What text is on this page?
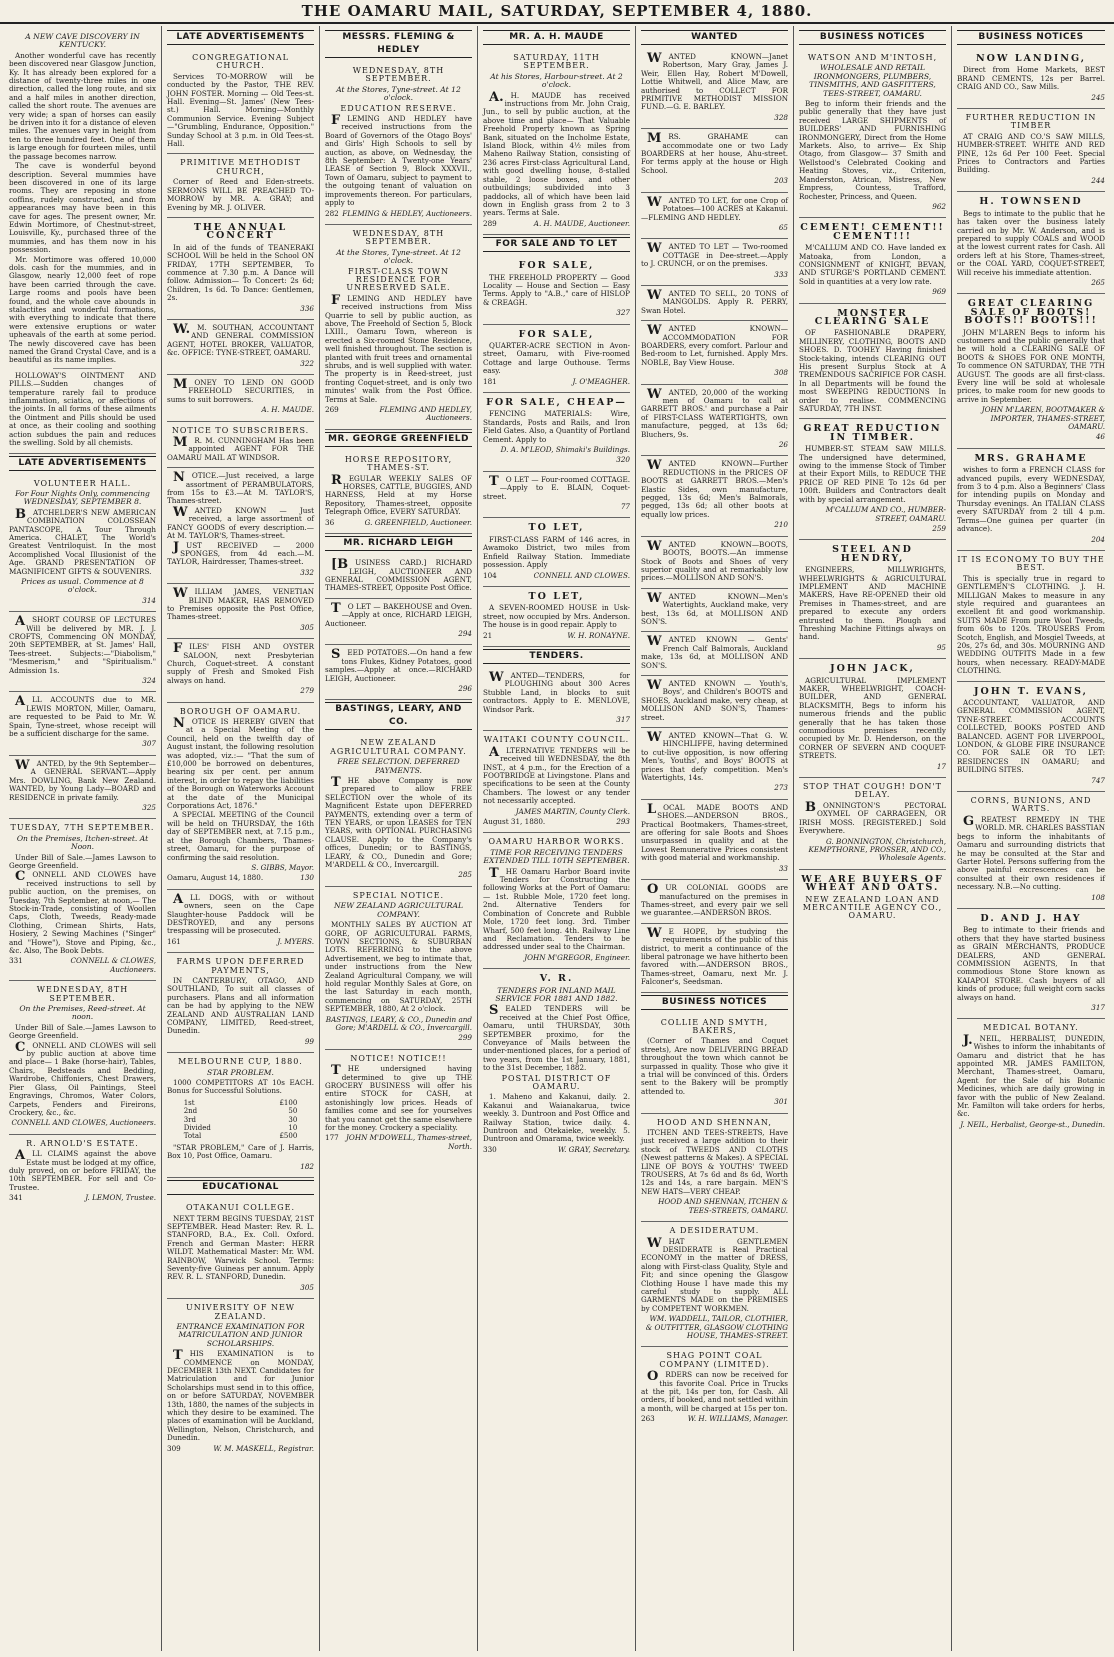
THE OAMARU MAIL, SATURDAY, SEPTEMBER 4, 1880.
A NEW CAVE DISCOVERY IN KENTUCKY.

Another wonderful cave has recently been discovered near Glasgow Junction, Ky. It has already been explored for a distance of twenty-three miles in one direction, called the long route, and six and a half miles in another direction, called the short route. The avenues are very wide; a span of horses can easily be driven into it for a distance of eleven miles. The avenues vary in height from ten to three hundred feet. One of them is large enough for fourteen miles, until the passage becomes narrow.

The cave is wonderful beyond description. Several mummies have been discovered in one of its large rooms. They are reposing in stone coffins, rudely constructed, and from appearances may have been in this cave for ages. The present owner, Mr. Edwin Mortimore, of Chestnut-street, Louisville, Ky., purchased three of the mummies, and has them now in his possession.

Mr. Mortimore was offered 10,000 dols. cash for the mummies, and in Glasgow, nearly 12,000 feet of rope have been carried through the cave. Large rooms and pools have been found, and the whole cave abounds in stalactites and wonderful formations, with everything to indicate that there were extensive eruptions or water upheavals of the earth at some period. The newly discovered cave has been named the Grand Crystal Cave, and is a beautiful as its name implies.

HOLLOWAY'S OINTMENT AND PILLS.—Sudden changes of temperature rarely fail to produce inflammation, sciatica, or affections of the joints. In all forms of these ailments the Ointment and Pills should be used at once, as their cooling and soothing action subdues the pain and reduces the swelling. Sold by all chemists.

LATE ADVERTISEMENTS
VOLUNTEER HALL.
For Four Nights Only, commencing WEDNESDAY, SEPTEMBER 8.

BATCHELDER'S NEW AMERICAN COMBINATION COLOSSEAN PANTASCOPE, A Tour Through America. CHALET, The World's Greatest Ventriloquist. In the most Accomplished Vocal Illusionist of the Age. GRAND PRESENTATION OF MAGNIFICENT GIFTS & SOUVENIRS.

Prices as usual. Commence at 8 o'clock.
314

ASHORT COURSE OF LECTURES Will be delivered by MR. J. J. CROFTS, Commencing ON MONDAY, 20th SEPTEMBER, at St. James' Hall, Tees-street. Subjects:—"Diabolism," "Mesmerism," and "Spiritualism." Admission 1s.

324

ALL ACCOUNTS due to MR. LEWIS MORTON, Miller, Oamaru, are requested to be Paid to Mr. W. Spain, Tyne-street, whose receipt will be a sufficient discharge for the same.

307

WANTED, by the 9th September—A GENERAL SERVANT.—Apply Mrs. DOWLING, Bank New Zealand. WANTED, by Young Lady—BOARD and RESIDENCE in private family.

325
TUESDAY, 7TH SEPTEMBER.
On the Premises, Itchen-street. At Noon.

Under Bill of Sale.—James Lawson to George Greenfield.

CONNELL AND CLOWES have received instructions to sell by public auction, on the premises, on Tuesday, 7th September, at noon,— The Stock-in-Trade, consisting of Woollen Caps, Cloth, Tweeds, Ready-made Clothing, Crimean Shirts, Hats, Hosiery, 2 Sewing Machines ("Singer" and "Howe"), Stove and Piping, &c., &c. Also, The Book Debts.

331	CONNELL & CLOWES, Auctioneers.
WEDNESDAY, 8TH SEPTEMBER.
On the Premises, Reed-street. At noon.

Under Bill of Sale.—James Lawson to George Greenfield.

CONNELL AND CLOWES will sell by public auction at above time and place— 1 Bake (horse-hair), Tables, Chairs, Bedsteads and Bedding, Wardrobe, Chiffoniers, Chest Drawers, Pier Glass, Oil Paintings, Steel Engravings, Chromos, Water Colors, Carpets, Fenders and Fireirons, Crockery, &c., &c.

CONNELL AND CLOWES, Auctioneers.
R. ARNOLD'S ESTATE.

ALL CLAIMS against the above Estate must be lodged at my office, duly proved, on or before FRIDAY, the 10th SEPTEMBER. For sell and Co-Trustee.

341	J. LEMON, Trustee.
LATE ADVERTISEMENTS
CONGREGATIONAL CHURCH.

Services TO-MORROW will be conducted by the Pastor, THE REV. JOHN FOSTER. Morning — Old Tees-st. Hall. Evening—St. James' (New Tees-st.) Hall. Morning—Monthly Communion Service. Evening Subject—"Grumbling, Endurance, Opposition." Sunday School at 3 p.m. in Old Tees-st. Hall.

PRIMITIVE METHODIST CHURCH,

Corner of Reed and Eden-streets. SERMONS WILL BE PREACHED TO-MORROW by MR. A. GRAY; and Evening by MR. J. OLIVER.

THE ANNUAL CONCERT

In aid of the funds of TEANERAKI SCHOOL Will be held in the School ON FRIDAY, 17TH SEPTEMBER, To commence at 7.30 p.m. A Dance will follow. Admission— To Concert: 2s 6d; Children, 1s 6d. To Dance: Gentlemen, 2s.

336

W.M. SOUTHAN, ACCOUNTANT AND GENERAL COMMISSION AGENT, HOTEL BROKER, VALUATOR, &c. OFFICE: TYNE-STREET, OAMARU.

322

MONEY TO LEND ON GOOD FREEHOLD SECURITIES, in sums to suit borrowers.

A. H. MAUDE.
NOTICE TO SUBSCRIBERS.

MR. M. CUNNINGHAM Has been appointed AGENT FOR THE OAMARU MAIL AT WINDSOR.

NOTICE.—Just received, a large assortment of PERAMBULATORS, from 15s to £3.—At M. TAYLOR'S, Thames-street.

WANTED KNOWN — Just received, a large assortment of FANCY GOODS of every description.—At M. TAYLOR'S, Thames-street.

JUST RECEIVED — 2000 SPONGES, from 4d each.—M. TAYLOR, Hairdresser, Thames-street.

332

WILLIAM JAMES, VENETIAN BLIND MAKER, HAS REMOVED to Premises opposite the Post Office, Thames-street.

305

FILES' FISH AND OYSTER SALOON, next Presbyterian Church, Coquet-street. A constant supply of Fresh and Smoked Fish always on hand.

279
BOROUGH OF OAMARU.

NOTICE IS HEREBY GIVEN that at a Special Meeting of the Council, held on the twelfth day of August instant, the following resolution was adopted, viz.:— "That the sum of £10,000 be borrowed on debentures, bearing six per cent. per annum interest, in order to repay the liabilities of the Borough on Waterworks Account at the date of the Municipal Corporations Act, 1876."

A SPECIAL MEETING of the Council will be held on THURSDAY, the 16th day of SEPTEMBER next, at 7.15 p.m., at the Borough Chambers, Thames-street, Oamaru, for the purpose of confirming the said resolution.

S. GIBBS, Mayor.
Oamaru, August 14, 1880.	130

ALL DOGS, with or without owners, seen on the Cape Slaughter-house Paddock will be DESTROYED, and any persons trespassing will be prosecuted.

161	J. MYERS.
FARMS UPON DEFERRED PAYMENTS,

IN CANTERBURY, OTAGO, AND SOUTHLAND, To suit all classes of purchasers. Plans and all information can be had by applying to the NEW ZEALAND AND AUSTRALIAN LAND COMPANY, LIMITED, Reed-street, Dunedin.

99
MELBOURNE CUP, 1880.
STAR PROBLEM.

1000 COMPETITORS AT 10s EACH. Bonus for Successful Solutions.

1st	£100
2nd	50
3rd	30
Divided	10
Total	£500

"STAR PROBLEM," Care of J. Harris, Box 10, Post Office, Oamaru.

182
EDUCATIONAL
OTAKANUI COLLEGE.

NEXT TERM BEGINS TUESDAY, 21ST SEPTEMBER. Head Master: Rev. R. L. STANFORD, B.A., Ex. Coll. Oxford. French and German Master: HERR WILDT. Mathematical Master: Mr. WM. RAINBOW, Warwick School. Terms: Seventy-five Guineas per annum. Apply REV. R. L. STANFORD, Dunedin.

305
UNIVERSITY OF NEW ZEALAND.
ENTRANCE EXAMINATION FOR MATRICULATION AND JUNIOR SCHOLARSHIPS.

THIS EXAMINATION is to COMMENCE on MONDAY, DECEMBER 13th NEXT. Candidates for Matriculation and for Junior Scholarships must send in to this office, on or before SATURDAY, NOVEMBER 13th, 1880, the names of the subjects in which they desire to be examined. The places of examination will be Auckland, Wellington, Nelson, Christchurch, and Dunedin.

309	W. M. MASKELL, Registrar.
MESSRS. FLEMING & HEDLEY
WEDNESDAY, 8TH SEPTEMBER.
At the Stores, Tyne-street. At 12 o'clock.
EDUCATION RESERVE.

FLEMING AND HEDLEY have received instructions from the Board of Governors of the Otago Boys' and Girls' High Schools to sell by auction, as above, on Wednesday, the 8th September: A Twenty-one Years' LEASE of Section 9, Block XXXVII., Town of Oamaru, subject to payment to the outgoing tenant of valuation on improvements thereon. For particulars, apply to

282 FLEMING & HEDLEY, Auctioneers.
WEDNESDAY, 8TH SEPTEMBER.
At the Stores, Tyne-street. At 12 o'clock.
FIRST-CLASS TOWN RESIDENCE FOR UNRESERVED SALE.

FLEMING AND HEDLEY have received instructions from Miss Quarrie to sell by public auction, as above, The Freehold of Section 5, Block LXIII., Oamaru Town, whereon is erected a Six-roomed Stone Residence, well finished throughout. The section is planted with fruit trees and ornamental shrubs, and is well supplied with water. The property is in Reed-street, just fronting Coquet-street, and is only two minutes' walk from the Post Office. Terms at Sale.

269	FLEMING AND HEDLEY, Auctioneers.
MR. GEORGE GREENFIELD
HORSE REPOSITORY, THAMES-ST.

REGULAR WEEKLY SALES OF HORSES, CATTLE, BUGGIES, AND HARNESS, Held at my Horse Repository, Thames-street, opposite Telegraph Office, EVERY SATURDAY.

36	G. GREENFIELD, Auctioneer.
MR. RICHARD LEIGH

[BUSINESS CARD.] RICHARD LEIGH, AUCTIONEER AND GENERAL COMMISSION AGENT, THAMES-STREET, Opposite Post Office.

TO LET — BAKEHOUSE and Oven. —Apply at once, RICHARD LEIGH, Auctioneer.

294

SEED POTATOES.—On hand a few tons Flukes, Kidney Potatoes, good samples.—Apply at once.—RICHARD LEIGH, Auctioneer.

296
BASTINGS, LEARY, AND CO.
NEW ZEALAND AGRICULTURAL COMPANY.
FREE SELECTION. DEFERRED PAYMENTS.

THE above Company is now prepared to allow FREE SELECTION over the whole of its Magnificent Estate upon DEFERRED PAYMENTS, extending over a term of TEN YEARS, or upon LEASES for TEN YEARS, with OPTIONAL PURCHASING CLAUSE. Apply to the Company's offices, Dunedin; or to BASTINGS, LEARY, & CO., Dunedin and Gore; M'ARDELL & CO., Invercargill.

285
SPECIAL NOTICE.
NEW ZEALAND AGRICULTURAL COMPANY.

MONTHLY SALES BY AUCTION AT GORE, OF AGRICULTURAL FARMS, TOWN SECTIONS, & SUBURBAN LOTS. REFERRING to the above Advertisement, we beg to intimate that, under instructions from the New Zealand Agricultural Company, we will hold regular Monthly Sales at Gore, on the last Saturday in each month, commencing on SATURDAY, 25TH SEPTEMBER, 1880, At 2 o'clock.

BASTINGS, LEARY, & CO., Dunedin and Gore; M'ARDELL & CO., Invercargill.
299
NOTICE! NOTICE!!

THE undersigned having determined to give up THE GROCERY BUSINESS will offer his entire STOCK for CASH, at astonishingly low prices. Heads of families come and see for yourselves that you cannot get the same elsewhere for the money. Crockery a speciality.

177 JOHN M'DOWELL, Thames-street, North.
MR. A. H. MAUDE
SATURDAY, 11TH SEPTEMBER.
At his Stores, Harbour-street. At 2 o'clock.

A.H. MAUDE has received instructions from Mr. John Craig, Jun., to sell by public auction, at the above time and place— That Valuable Freehold Property known as Spring Bank, situated on the Incholme Estate, Island Block, within 4½ miles from Maheno Railway Station, consisting of 236 acres First-class Agricultural Land, with good dwelling house, 8-stalled stable, 2 loose boxes, and other outbuildings; subdivided into 3 paddocks, all of which have been laid down in English grass from 2 to 3 years. Terms at Sale.

289	A. H. MAUDE, Auctioneer.
FOR SALE AND TO LET
FOR SALE,

THE FREEHOLD PROPERTY — Good Locality — House and Section — Easy Terms. Apply to "A.B.," care of HISLOP & CREAGH.

327
FOR SALE,

QUARTER-ACRE SECTION in Avon-street, Oamaru, with Five-roomed Cottage and large Outhouse. Terms easy.

181	J. O'MEAGHER.
FOR SALE, CHEAP—

FENCING MATERIALS: Wire, Standards, Posts and Rails, and Iron Field Gates. Also, a Quantity of Portland Cement. Apply to

D. A. M'LEOD, Shimaki's Buildings.
320

TO LET — Four-roomed COTTAGE.—Apply to E. BLAIN, Coquet-street.

77
TO LET,

FIRST-CLASS FARM of 146 acres, in Awamoko District, two miles from Enfield Railway Station. Immediate possession. Apply

104	CONNELL AND CLOWES.
TO LET,

A SEVEN-ROOMED HOUSE in Usk-street, now occupied by Mrs. Anderson. The house is in good repair. Apply to

21	W. H. RONAYNE.
TENDERS.

WANTED—TENDERS, for PLOUGHING about 300 Acres Stubble Land, in blocks to suit contractors. Apply to E. MENLOVE, Windsor Park.

317
WAITAKI COUNTY COUNCIL.

ALTERNATIVE TENDERS will be received till WEDNESDAY, the 8th INST., at 4 p.m., for the Erection of a FOOTBRIDGE at Livingstone. Plans and specifications to be seen at the County Chambers. The lowest or any tender not necessarily accepted.

JAMES MARTIN, County Clerk.
August 31, 1880.	293
OAMARU HARBOR WORKS.
TIME FOR RECEIVING TENDERS EXTENDED TILL 10TH SEPTEMBER.

THE Oamaru Harbor Board invite Tenders for Constructing the following Works at the Port of Oamaru:— 1st. Rubble Mole, 1720 feet long. 2nd. Alternative Tenders for Combination of Concrete and Rubble Mole, 1720 feet long. 3rd. Timber Wharf, 500 feet long. 4th. Railway Line and Reclamation. Tenders to be addressed under seal to the Chairman.

JOHN M'GREGOR, Engineer.
V. R.
TENDERS FOR INLAND MAIL SERVICE FOR 1881 AND 1882.

SEALED TENDERS will be received at the Chief Post Office, Oamaru, until THURSDAY, 30th SEPTEMBER proximo, for the Conveyance of Mails between the under-mentioned places, for a period of two years, from the 1st January, 1881, to the 31st December, 1882.

POSTAL DISTRICT OF OAMARU.

1. Maheno and Kakanui, daily. 2. Kakanui and Waianakarua, twice weekly. 3. Duntroon and Post Office and Railway Station, twice daily. 4. Duntroon and Otekaieke, weekly. 5. Duntroon and Omarama, twice weekly.

330	W. GRAY, Secretary.
WANTED

WANTED KNOWN—Janet Robertson, Mary Gray, James J. Weir, Ellen Hay, Robert M'Dowell, Lottie Whitwell, and Alice Maw, are authorised to COLLECT FOR PRIMITIVE METHODIST MISSION FUND.—G. E. BARLEY.

328

MRS. GRAHAME can accommodate one or two Lady BOARDERS at her house, Ahu-street. For terms apply at the house or High School.

203

WANTED TO LET, for one Crop of Potatoes—100 ACRES at Kakanui.—FLEMING AND HEDLEY.

65

WANTED TO LET — Two-roomed COTTAGE in Dee-street.—Apply to J. CRUNCH, or on the premises.

333

WANTED TO SELL, 20 TONS of MANGOLDS. Apply R. PERRY, Swan Hotel.

WANTED KNOWN—ACCOMMODATION FOR BOARDERS, every comfort. Parlour and Bed-room to Let, furnished. Apply Mrs. NOBLE, Bay View House.

308

WANTED, 20,000 of the working men of Oamaru to call at GARRETT BROS.' and purchase a Pair of FIRST-CLASS WATERTIGHTS, own manufacture, pegged, at 13s 6d; Bluchers, 9s.

26

WANTED KNOWN—Further REDUCTIONS in the PRICES OF BOOTS at GARRETT BROS.—Men's Elastic Sides, own manufacture, pegged, 13s 6d; Men's Balmorals, pegged, 13s 6d; all other boots at equally low prices.

210

WANTED KNOWN—BOOTS, BOOTS, BOOTS.—An immense Stock of Boots and Shoes of very superior quality and at remarkably low prices.—MOLLISON AND SON'S.

WANTED KNOWN—Men's Watertights, Auckland make, very best, 13s 6d, at MOLLISON AND SON'S.

WANTED KNOWN — Gents' French Calf Balmorals, Auckland make, 13s 6d, at MOLLISON AND SON'S.

WANTED KNOWN — Youth's, Boys', and Children's BOOTS and SHOES, Auckland make, very cheap, at MOLLISON AND SON'S, Thames-street.

WANTED KNOWN—That G. W. HINCHLIFFE, having determined to cut-live opposition, is now offering Men's, Youths', and Boys' BOOTS at prices that defy competition. Men's Watertights, 14s.

273

LOCAL MADE BOOTS AND SHOES.—ANDERSON BROS., Practical Bootmakers, Thames-street, are offering for sale Boots and Shoes unsurpassed in quality and at the Lowest Remunerative Prices consistent with good material and workmanship.

33

OUR COLONIAL GOODS are manufactured on the premises in Thames-street, and every pair we sell we guarantee.—ANDERSON BROS.

WE HOPE, by studying the requirements of the public of this district, to merit a continuance of the liberal patronage we have hitherto been favored with.—ANDERSON BROS., Thames-street, Oamaru, next Mr. J. Falconer's, Seedsman.

BUSINESS NOTICES
COLLIE AND SMYTH, BAKERS,

(Corner of Thames and Coquet streets), Are now DELIVERING BREAD throughout the town which cannot be surpassed in quality. Those who give it a trial will be convinced of this. Orders sent to the Bakery will be promptly attended to.

301
HOOD AND SHENNAN,

ITCHEN AND TEES-STREETS, Have just received a large addition to their stock of TWEEDS AND CLOTHS (Newest patterns & Makes). A SPECIAL LINE OF BOYS & YOUTHS' TWEED TROUSERS, At 7s 6d and 8s 6d, Worth 12s and 14s, a rare bargain. MEN'S NEW HATS—VERY CHEAP.

HOOD AND SHENNAN, ITCHEN & TEES-STREETS, OAMARU.
A DESIDERATUM.

WHAT GENTLEMEN DESIDERATE is Real Practical ECONOMY in the matter of DRESS, along with First-class Quality, Style and Fit; and since opening the Glasgow Clothing House I have made this my careful study to supply. ALL GARMENTS MADE on the PREMISES by COMPETENT WORKMEN.

WM. WADDELL, TAILOR, CLOTHIER, & OUTFITTER, GLASGOW CLOTHING HOUSE, THAMES-STREET.
SHAG POINT COAL COMPANY (LIMITED).

ORDERS can now be received for this favorite Coal. Price in Trucks at the pit, 14s per ton, for Cash. All orders, if booked, and not settled within a month, will be charged at 15s per ton.

263	W. H. WILLIAMS, Manager.
BUSINESS NOTICES
WATSON AND M'INTOSH,
WHOLESALE AND RETAIL IRONMONGERS, PLUMBERS, TINSMITHS, AND GASFITTERS, TEES-STREET, OAMARU.

Beg to inform their friends and the public generally that they have just received LARGE SHIPMENTS of BUILDERS' AND FURNISHING IRONMONGERY, Direct from the Home Markets. Also, to arrive— Ex Ship Otago, from Glasgow— 37 Smith and Wellstood's Celebrated Cooking and Heating Stoves, viz., Criterion, Manderston, Atrican, Mistress, New Empress, Countess, Trafford, Rochester, Princess, and Queen.

962
CEMENT! CEMENT!! CEMENT!!!

M'CALLUM AND CO. Have landed ex Matoaka, from London, a CONSIGNMENT of KNIGHT, BEVAN, AND STURGE'S PORTLAND CEMENT. Sold in quantities at a very low rate.

969
MONSTER CLEARING SALE

OF FASHIONABLE DRAPERY, MILLINERY, CLOTHING, BOOTS AND SHOES. D. TOOHEY Having finished Stock-taking, intends CLEARING OUT His present Surplus Stock at A TREMENDOUS SACRIFICE FOR CASH. In all Departments will be found the most SWEEPING REDUCTIONS In order to realise. COMMENCING SATURDAY, 7TH INST.

GREAT REDUCTION IN TIMBER.

HUMBER-ST. STEAM SAW MILLS. The undersigned have determined, owing to the immense Stock of Timber at their Export Mills, to REDUCE THE PRICE OF RED PINE To 12s 6d per 100ft. Builders and Contractors dealt with by special arrangement.

M'CALLUM AND CO., HUMBER-STREET, OAMARU.
259
STEEL AND HENDRY,

ENGINEERS, MILLWRIGHTS, WHEELWRIGHTS & AGRICULTURAL IMPLEMENT AND MACHINE MAKERS, Have RE-OPENED their old Premises in Thames-street, and are prepared to execute any orders entrusted to them. Plough and Threshing Machine Fittings always on hand.

95
JOHN JACK,

AGRICULTURAL IMPLEMENT MAKER, WHEELWRIGHT, COACH-BUILDER, AND GENERAL BLACKSMITH, Begs to inform his numerous friends and the public generally that he has taken those commodious premises recently occupied by Mr. D. Henderson, on the CORNER OF SEVERN AND COQUET-STREETS.

17
STOP THAT COUGH! DON'T DELAY.

BONNINGTON'S PECTORAL OXYMEL OF CARRAGEEN, OR IRISH MOSS. [REGISTERED.] Sold Everywhere.

G. BONNINGTON, Christchurch, KEMPTHORNE, PROSSER, AND CO., Wholesale Agents.
WE ARE BUYERS OF WHEAT AND OATS.
NEW ZEALAND LOAN AND MERCANTILE AGENCY CO., OAMARU.
BUSINESS NOTICES
NOW LANDING,

Direct from Home Markets, BEST BRAND CEMENTS, 12s per Barrel. CRAIG AND CO., Saw Mills.

245
FURTHER REDUCTION IN TIMBER

AT CRAIG AND CO.'S SAW MILLS, HUMBER-STREET. WHITE AND RED PINE, 12s 6d Per 100 Feet. Special Prices to Contractors and Parties Building.

244
H. TOWNSEND

Begs to intimate to the public that he has taken over the business lately carried on by Mr. W. Anderson, and is prepared to supply COALS and WOOD at the lowest current rates for Cash. All orders left at his Store, Thames-street, or the COAL YARD, COQUET-STREET, Will receive his immediate attention.

265
GREAT CLEARING SALE OF BOOTS! BOOTS!! BOOTS!!!

JOHN M'LAREN Begs to inform his customers and the public generally that he will hold a CLEARING SALE OF BOOTS & SHOES FOR ONE MONTH, To commence ON SATURDAY, THE 7TH AUGUST. The goods are all first-class. Every line will be sold at wholesale prices, to make room for new goods to arrive in September.

JOHN M'LAREN, BOOTMAKER & IMPORTER, THAMES-STREET, OAMARU.
46
MRS. GRAHAME

wishes to form a FRENCH CLASS for advanced pupils, every WEDNESDAY, from 3 to 4 p.m. Also a Beginners' Class for intending pupils on Monday and Thursday evenings. An ITALIAN CLASS every SATURDAY from 2 till 4 p.m. Terms—One guinea per quarter (in advance).

204
IT IS ECONOMY TO BUY THE BEST.

This is specially true in regard to GENTLEMEN'S CLOTHING. J. H. MILLIGAN Makes to measure in any style required and guarantees an excellent fit and good workmanship. SUITS MADE From pure Wool Tweeds, from 60s to 120s. TROUSERS From Scotch, English, and Mosgiel Tweeds, at 20s, 27s 6d, and 30s. MOURNING AND WEDDING OUTFITS Made in a few hours, when necessary. READY-MADE CLOTHING.

JOHN T. EVANS,

ACCOUNTANT, VALUATOR, AND GENERAL COMMISSION AGENT, TYNE-STREET. ACCOUNTS COLLECTED, BOOKS POSTED AND BALANCED. AGENT FOR LIVERPOOL, LONDON, & GLOBE FIRE INSURANCE CO. FOR SALE OR TO LET: RESIDENCES IN OAMARU; and BUILDING SITES.

747
CORNS, BUNIONS, AND WARTS.

GREATEST REMEDY IN THE WORLD. MR. CHARLES BASSTIAN begs to inform the inhabitants of Oamaru and surrounding districts that he may be consulted at the Star and Garter Hotel. Persons suffering from the above painful excrescences can be consulted at their own residences if necessary. N.B.—No cutting.

108
D. AND J. HAY

Beg to intimate to their friends and others that they have started business as GRAIN MERCHANTS, PRODUCE DEALERS, AND GENERAL COMMISSION AGENTS, In that commodious Stone Store known as KAIAPOI STORE. Cash buyers of all kinds of produce; full weight corn sacks always on hand.

317
MEDICAL BOTANY.

J.NEIL, HERBALIST, DUNEDIN, Wishes to inform the inhabitants of Oamaru and district that he has appointed MR. JAMES FAMILTON, Merchant, Thames-street, Oamaru, Agent for the Sale of his Botanic Medicines, which are daily growing in favor with the public of New Zealand. Mr. Familton will take orders for herbs, &c.

J. NEIL, Herbalist, George-st., Dunedin.
